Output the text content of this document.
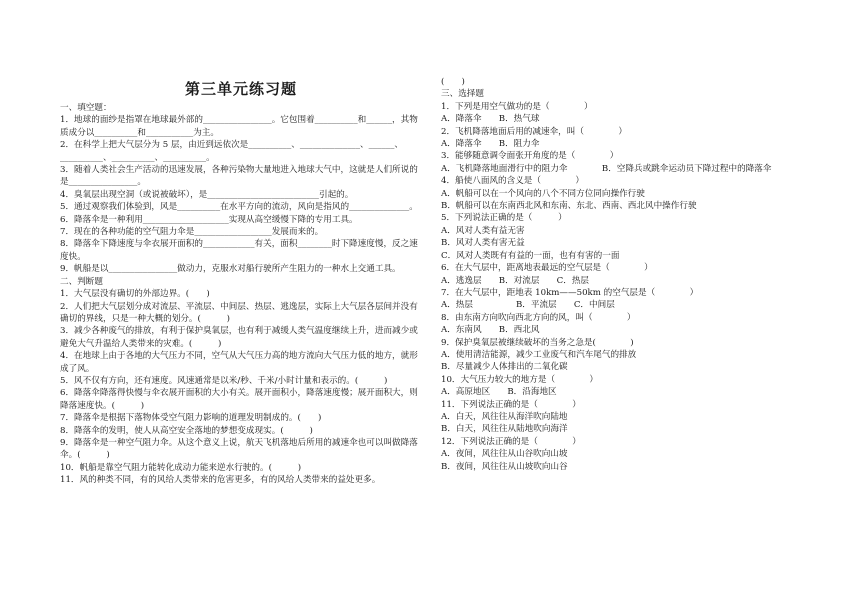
第三单元练习题

一、填空题：

1．地球的面纱是指罩在地球最外部的________________。它包围着__________和______，其物质成分以__________和___________为主。

2．在科学上把大气层分为 5 层，由近到远依次是__________、______________、______、__________、__________、__________。

3．随着人类社会生产活动的迅速发展，各种污染物大量地进入地球大气中，这就是人们所说的是________________。

4．臭氧层出现空洞（或说被破坏），是__________________________引起的。

5．通过观察我们体验到，风是__________在水平方向的流动，风向是指风的______________。

6．降落伞是一种利用____________________实现从高空缓慢下降的专用工具。

7．现在的各种功能的空气阻力伞是__________________发展而来的。

8．降落伞下降速度与伞衣展开面积的____________有关，面积________时下降速度慢，反之速度快。

9．帆船是以________________做动力，克服水对船行驶所产生阻力的一种水上交通工具。

二、判断题

1．大气层没有确切的外部边界。(　　)

2．人们把大气层划分成对流层、平流层、中间层、热层、逃逸层，实际上大气层各层间并没有确切的界线，只是一种大概的划分。(　　　)

3．减少各种废气的排放，有利于保护臭氧层，也有利于减缓人类气温度继续上升，进而减少或避免大气升温给人类带来的灾难。(　　　)

4．在地球上由于各地的大气压力不同，空气从大气压力高的地方流向大气压力低的地方，就形成了风。

5．风不仅有方向，还有速度。风速通常是以米/秒、千米/小时计量和表示的。(　　　)

6．降落伞降落得快慢与伞衣展开面积的大小有关。展开面积小，降落速度慢；展开面积大，则降落速度快。(　　　)

7．降落伞是根据下落物体受空气阻力影响的道理发明制成的。(　　)

8．降落伞的发明，使人从高空安全落地的梦想变成现实。(　　　)

9．降落伞是一种空气阻力伞。从这个意义上说，航天飞机落地后所用的减速伞也可以叫做降落伞。(　　　)

10．帆船是靠空气阻力能转化成动力能来逆水行驶的。(　　　)

11．风的种类不同，有的风给人类带来的危害更多，有的风给人类带来的益处更多。

(　　)

三、选择题

1．下列是用空气做功的是（　　　　）

A．降落伞　　B．热气球

2．飞机降落地面后用的减速伞，叫（　　　　）

A．降落伞　　B．阻力伞

3．能够随意调令面张开角度的是（　　　　）

A．飞机降落地面滑行中的阻力伞　　　　B．空降兵或跳伞运动员下降过程中的降落伞

4．船使八面风的含义是（　　　　）

A．帆船可以在一个风向的八个不同方位同向操作行驶

B．帆船可以在东南西北风和东南、东北、西南、西北风中操作行驶

5．下列说法正确的是（　　　）

A．风对人类有益无害

B．风对人类有害无益

C．风对人类既有有益的一面，也有有害的一面

6．在大气层中，距离地表最远的空气层是（　　　　）

A．逃逸层　　B．对流层　　C．热层

7．在大气层中，距地表 10km——50km 的空气层是（　　　　）

A．热层　　　　　B．平流层　　C．中间层

8．由东南方向吹向西北方向的风，叫（　　　　）

A．东南风　　B．西北风

9．保护臭氧层被继续破坏的当务之急是(　　　　)

A．使用清洁能源，减少工业废气和汽车尾气的排放

B．尽量减少人体排出的二氧化碳

10．大气压力较大的地方是（　　　　）

A．高原地区　　B．沿海地区

11．下列说法正确的是（　　　　）

A．白天，风往往从海洋吹向陆地

B．白天，风往往从陆地吹向海洋

12．下列说法正确的是（　　　　）

A．夜间，风往往从山谷吹向山坡

B．夜间，风往往从山坡吹向山谷
